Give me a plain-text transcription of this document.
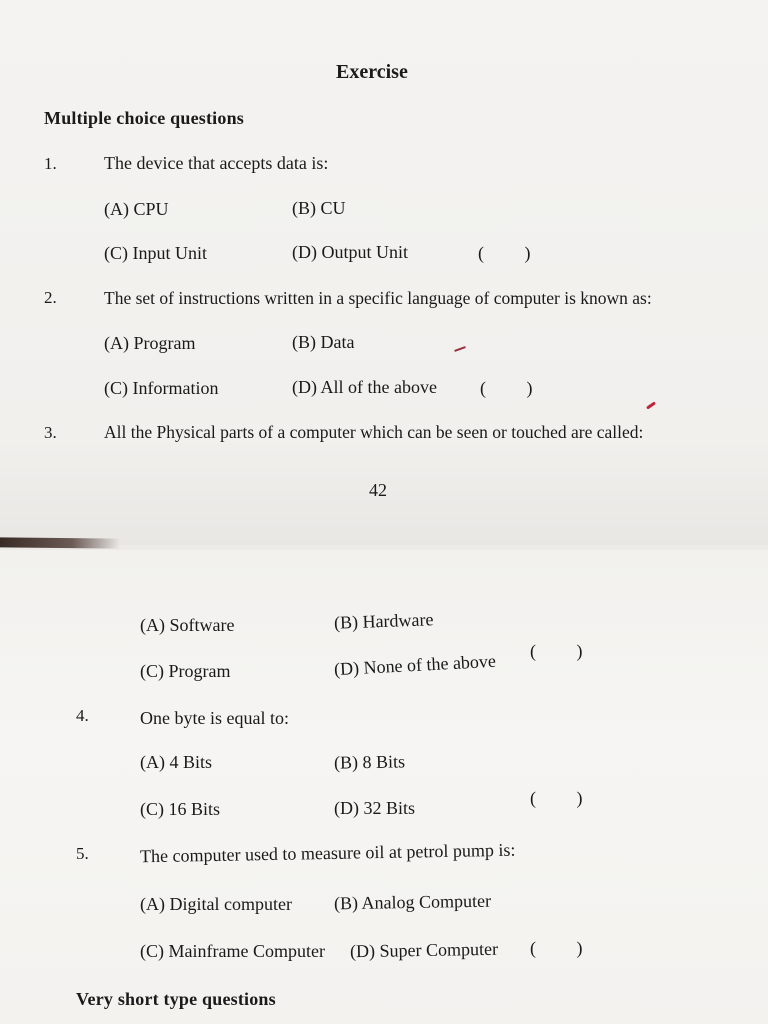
Exercise
Multiple choice questions
1.	The device that accepts data is:
(A) CPU	(B) CU
(C) Input Unit	(D) Output Unit	( )
2.	The set of instructions written in a specific language of computer is known as:
(A) Program	(B) Data
(C) Information	(D) All of the above ( )
3.	All the Physical parts of a computer which can be seen or touched are called:
42
(A) Software	(B) Hardware
(C) Program	(D) None of the above ( )
4.	One byte is equal to:
(A) 4 Bits	(B) 8 Bits
(C) 16 Bits	(D) 32 Bits	( )
5.	The computer used to measure oil at petrol pump is:
(A) Digital computer (B) Analog Computer
(C) Mainframe Computer (D) Super Computer ( )
Very short type questions
